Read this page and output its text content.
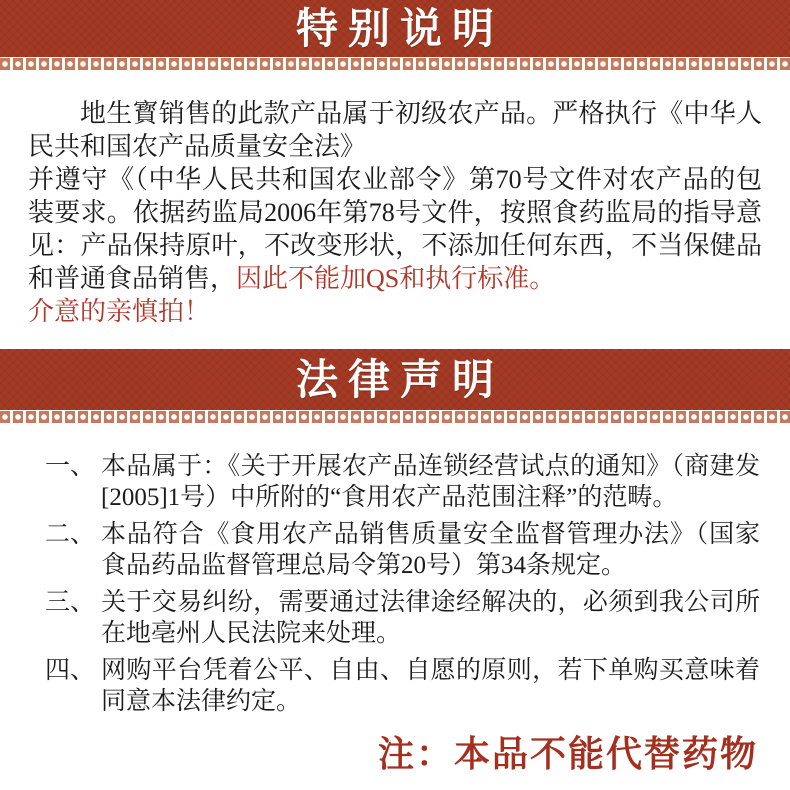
特别说明

地生寳销售的此款产品属于初级农产品。严格执行《中华人民共和国农产品质量安全法》

并遵守《（中华人民共和国农业部令》第70号文件对农产品的包装要求。依据药监局2006年第78号文件，按照食药监局的指导意见：产品保持原叶，不改变形状，不添加任何东西，不当保健品和普通食品销售，因此不能加QS和执行标准。

介意的亲慎拍！

法律声明
一、 本品属于：《关于开展农产品连锁经营试点的通知》（商建发[2005]1号）中所附的“食用农产品范围注释”的范畴。
二、 本品符合《食用农产品销售质量安全监督管理办法》（国家食品药品监督管理总局令第20号）第34条规定。
三、 关于交易纠纷，需要通过法律途经解决的，必须到我公司所在地亳州人民法院来处理。
四、 网购平台凭着公平、自由、自愿的原则，若下单购买意味着同意本法律约定。
注：本品不能代替药物
